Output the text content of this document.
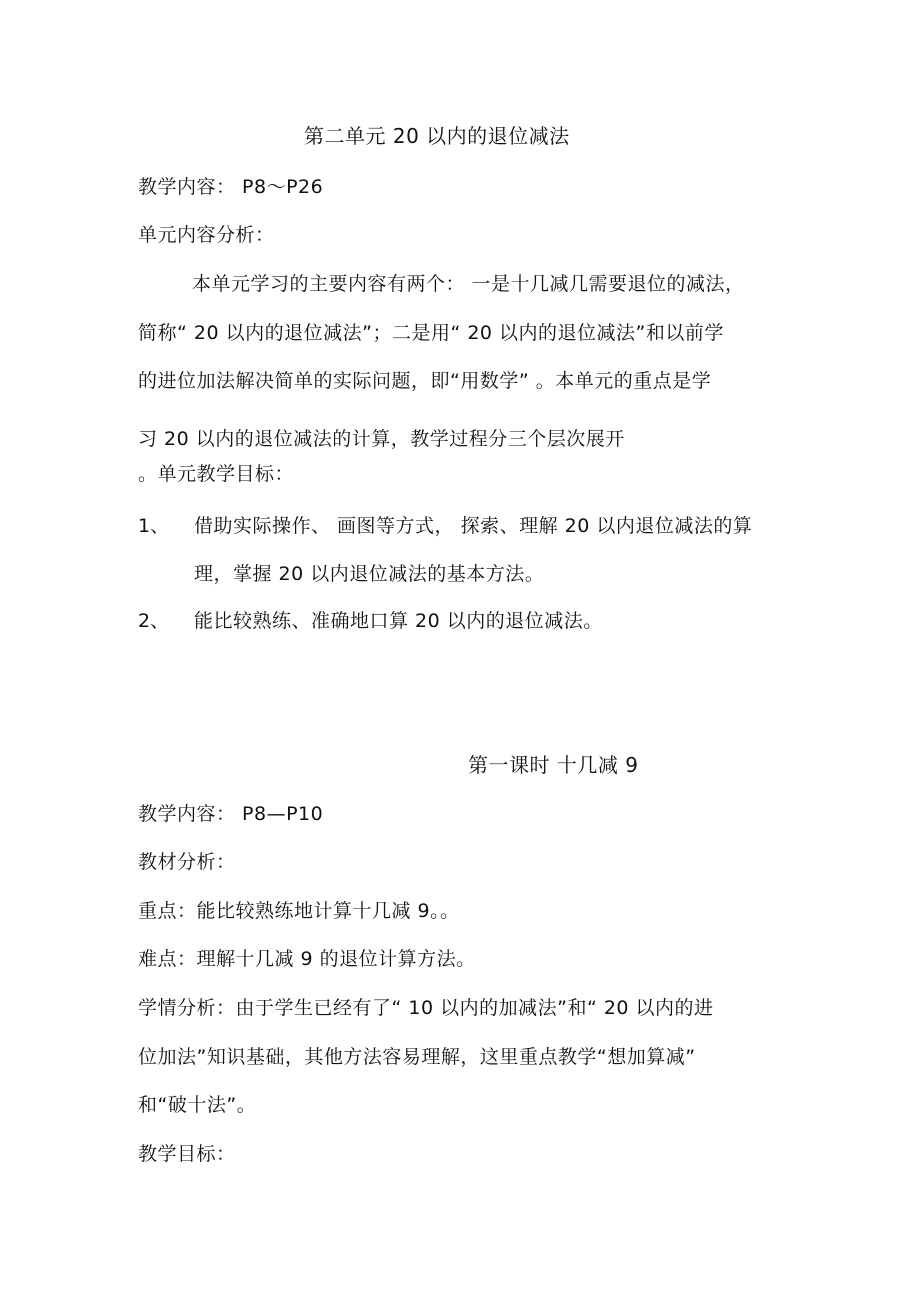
第二单元 20 以内的退位减法
教学内容： P8～P26
单元内容分析：
本单元学习的主要内容有两个： 一是十几减几需要退位的减法，
简称“ 20 以内的退位减法”；二是用“ 20 以内的退位减法”和以前学
的进位加法解决简单的实际问题，即“用数学” 。本单元的重点是学
习 20 以内的退位减法的计算，教学过程分三个层次展开
。单元教学目标：
1、 借助实际操作、 画图等方式， 探索、理解 20 以内退位减法的算
理，掌握 20 以内退位减法的基本方法。
2、 能比较熟练、准确地口算 20 以内的退位减法。
第一课时 十几减 9
教学内容： P8—P10
教材分析：
重点：能比较熟练地计算十几减 9。。
难点：理解十几减 9 的退位计算方法。
学情分析：由于学生已经有了“ 10 以内的加减法”和“ 20 以内的进
位加法”知识基础，其他方法容易理解，这里重点教学“想加算减”
和“破十法”。
教学目标：
